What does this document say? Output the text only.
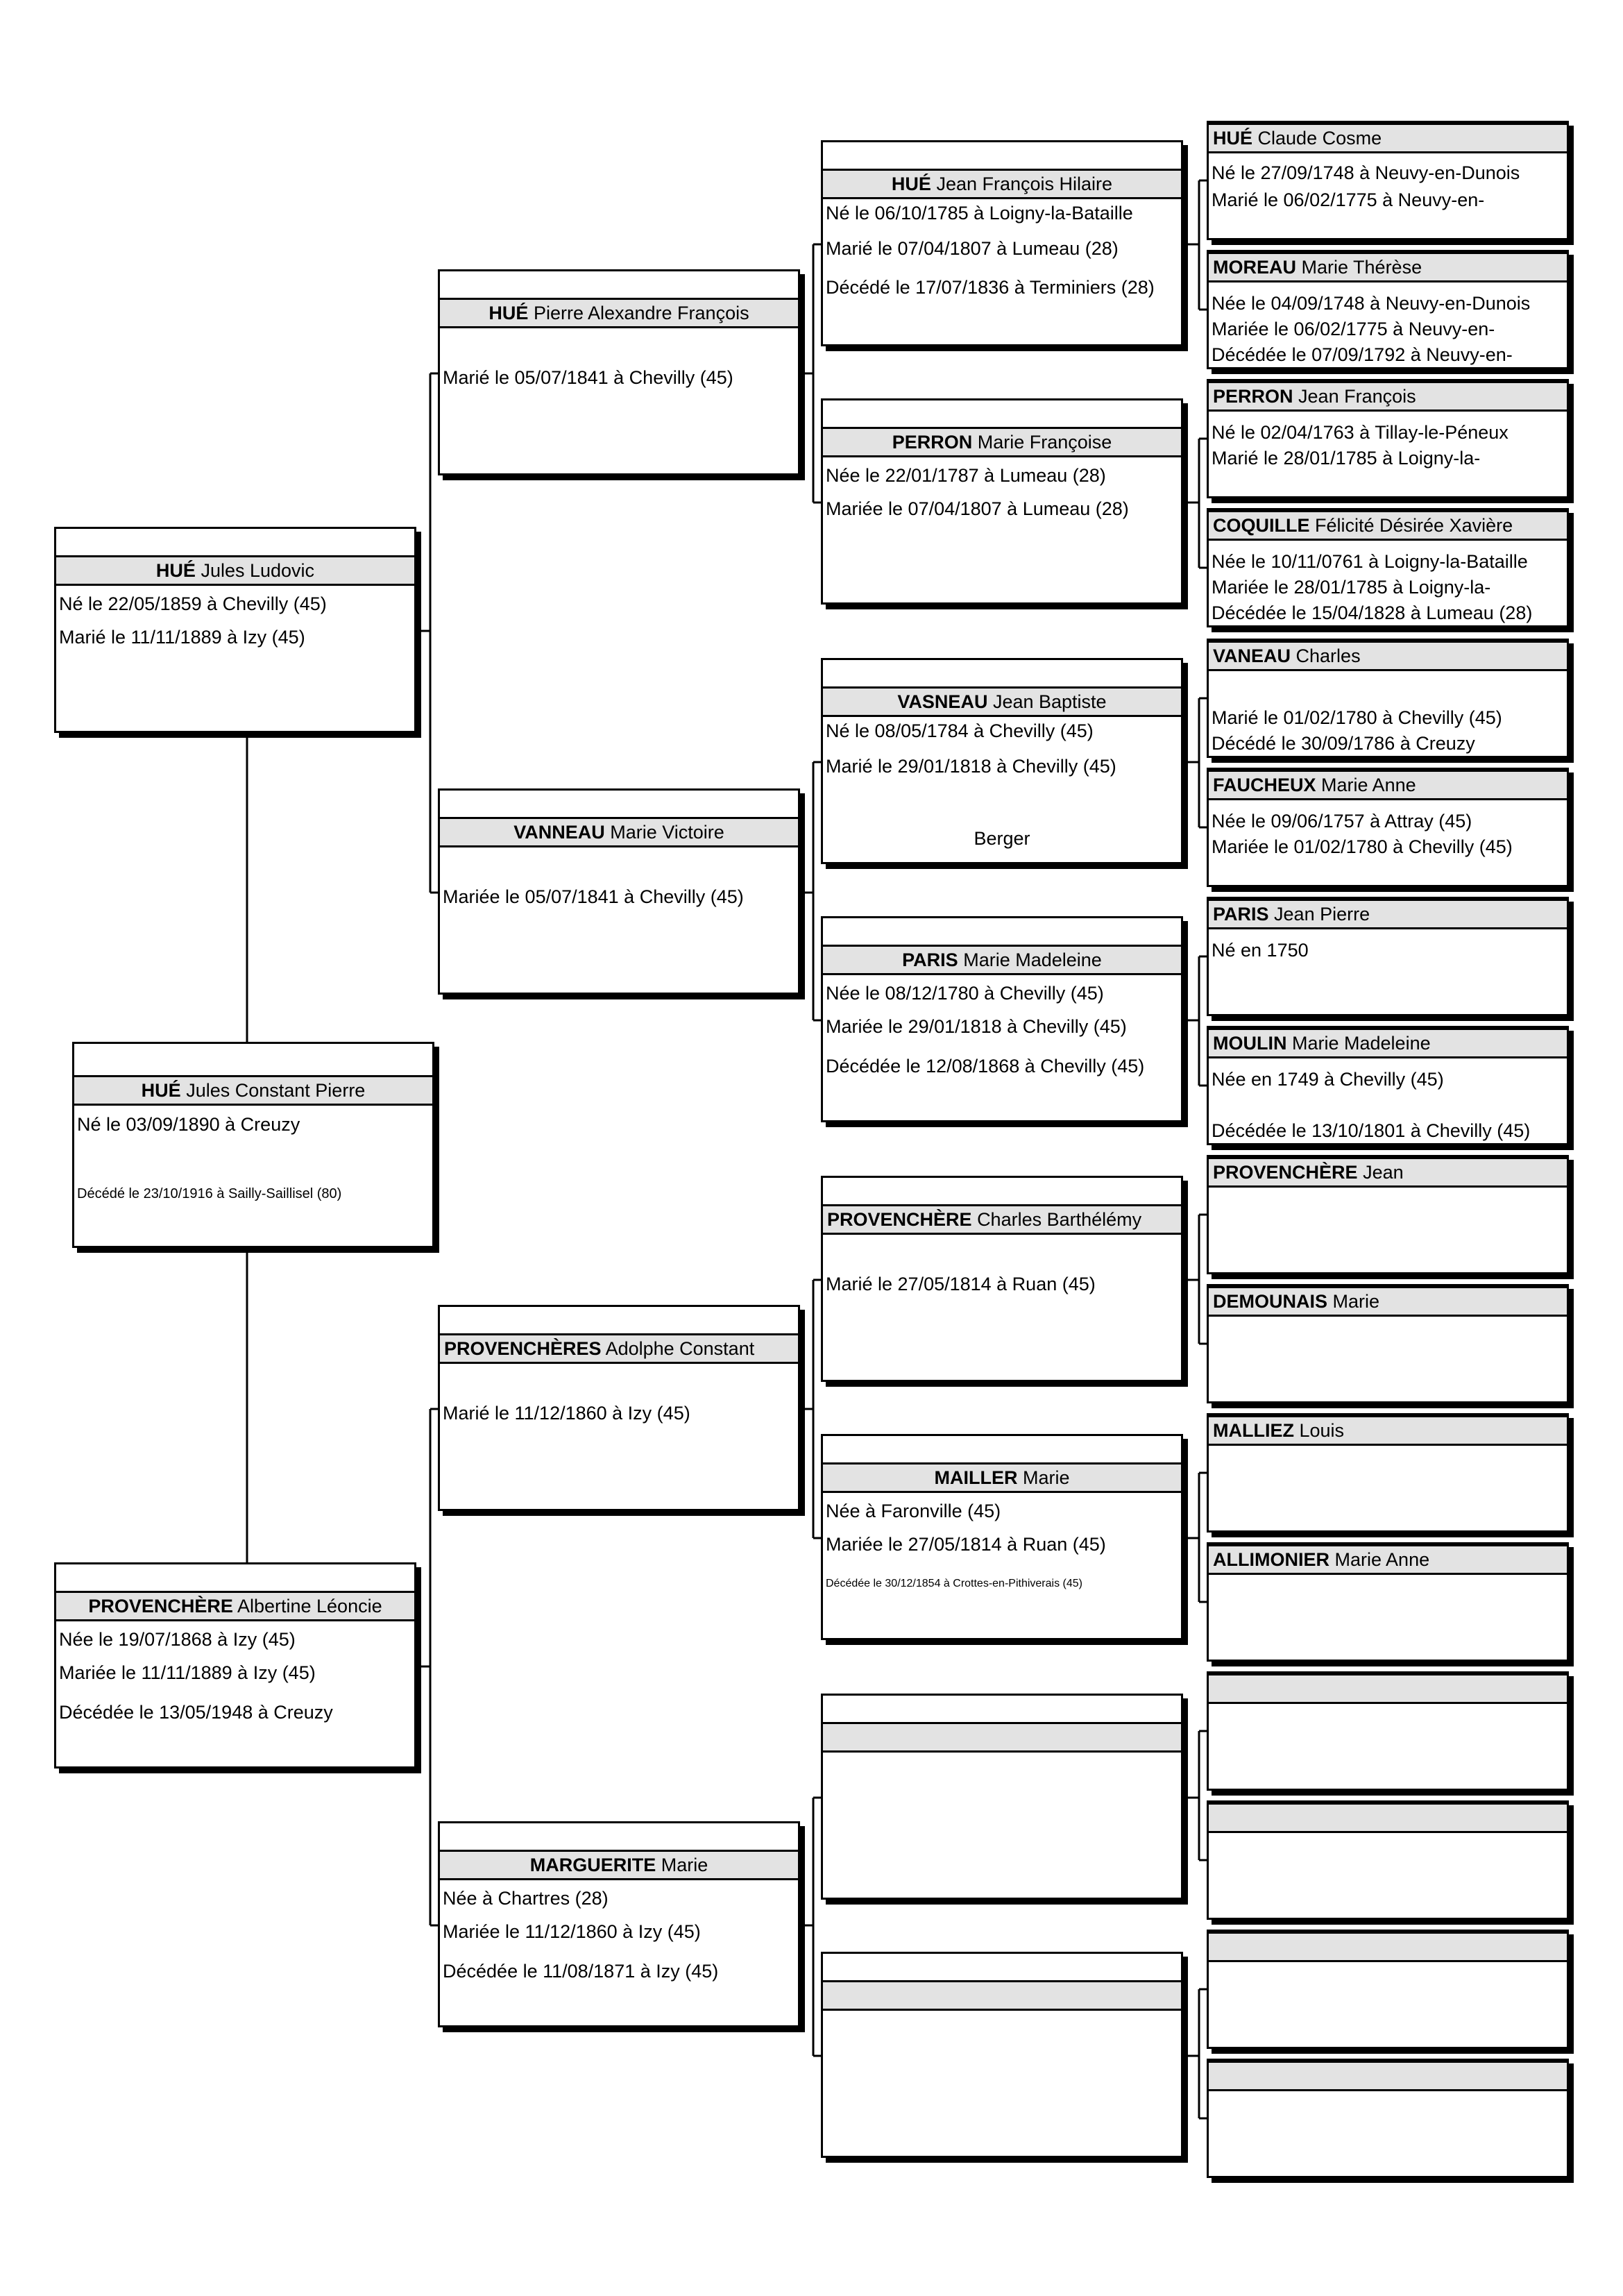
HUÉ Jules Constant Pierre
Né le 03/09/1890 à Creuzy
Décédé le 23/10/1916 à Sailly-Saillisel (80)
HUÉ Jules Ludovic
Né le 22/05/1859 à Chevilly (45)
Marié le 11/11/1889 à Izy (45)
PROVENCHÈRE Albertine Léoncie
Née le 19/07/1868 à Izy (45)
Mariée le 11/11/1889 à Izy (45)
Décédée le 13/05/1948 à Creuzy
HUÉ Pierre Alexandre François
Marié le 05/07/1841 à Chevilly (45)
VANNEAU Marie Victoire
Mariée le 05/07/1841 à Chevilly (45)
PROVENCHÈRES Adolphe Constant
Marié le 11/12/1860 à Izy (45)
MARGUERITE Marie
Née à Chartres (28)
Mariée le 11/12/1860 à Izy (45)
Décédée le 11/08/1871 à Izy (45)
HUÉ Jean François Hilaire
Né le 06/10/1785 à Loigny-la-Bataille
Marié le 07/04/1807 à Lumeau (28)
Décédé le 17/07/1836 à Terminiers (28)
PERRON Marie Françoise
Née le 22/01/1787 à Lumeau (28)
Mariée le 07/04/1807 à Lumeau (28)
VASNEAU Jean Baptiste
Né le 08/05/1784 à Chevilly (45)
Marié le 29/01/1818 à Chevilly (45)
Berger
PARIS Marie Madeleine
Née le 08/12/1780 à Chevilly (45)
Mariée le 29/01/1818 à Chevilly (45)
Décédée le 12/08/1868 à Chevilly (45)
PROVENCHÈRE Charles Barthélémy
Marié le 27/05/1814 à Ruan (45)
MAILLER Marie
Née à Faronville (45)
Mariée le 27/05/1814 à Ruan (45)
Décédée le 30/12/1854 à Crottes-en-Pithiverais (45)
HUÉ Claude Cosme
Né le 27/09/1748 à Neuvy-en-Dunois
Marié le 06/02/1775 à Neuvy-en-
MOREAU Marie Thérèse
Née le 04/09/1748 à Neuvy-en-Dunois
Mariée le 06/02/1775 à Neuvy-en-
Décédée le 07/09/1792 à Neuvy-en-
PERRON Jean François
Né le 02/04/1763 à Tillay-le-Péneux
Marié le 28/01/1785 à Loigny-la-
COQUILLE Félicité Désirée Xavière
Née le 10/11/0761 à Loigny-la-Bataille
Mariée le 28/01/1785 à Loigny-la-
Décédée le 15/04/1828 à Lumeau (28)
VANEAU Charles
Marié le 01/02/1780 à Chevilly (45)
Décédé le 30/09/1786 à Creuzy
FAUCHEUX Marie Anne
Née le 09/06/1757 à Attray (45)
Mariée le 01/02/1780 à Chevilly (45)
PARIS Jean Pierre
Né en 1750
MOULIN Marie Madeleine
Née en 1749 à Chevilly (45)
Décédée le 13/10/1801 à Chevilly (45)
PROVENCHÈRE Jean
DEMOUNAIS Marie
MALLIEZ Louis
ALLIMONIER Marie Anne
